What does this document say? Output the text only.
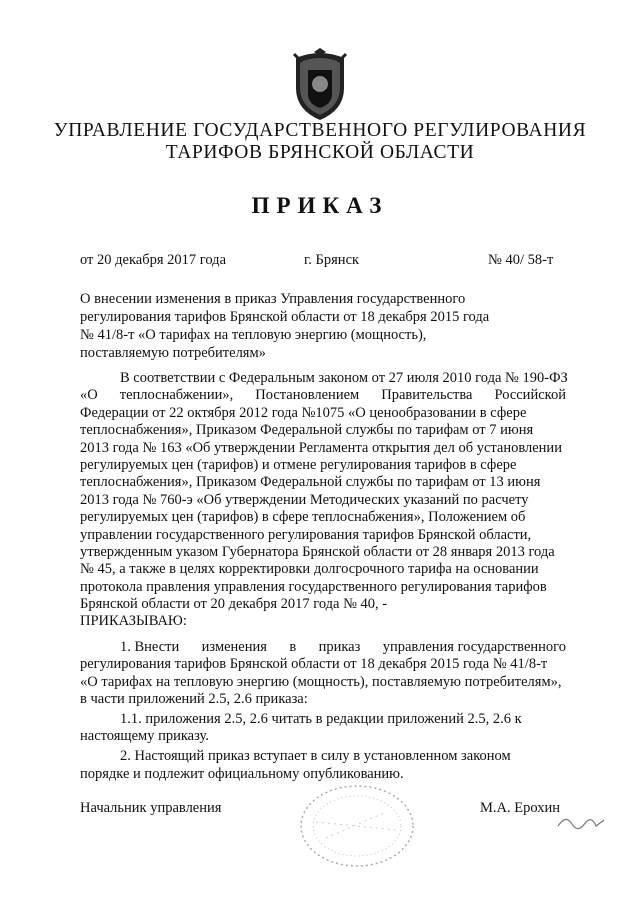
УПРАВЛЕНИЕ ГОСУДАРСТВЕННОГО РЕГУЛИРОВАНИЯ
ТАРИФОВ БРЯНСКОЙ ОБЛАСТИ
ПРИКАЗ
от 20 декабря 2017 года	г. Брянск	№ 40/ 58-т
О внесении изменения в приказ Управления государственного
регулирования тарифов Брянской области от 18 декабря 2015 года
№ 41/8-т «О тарифах на тепловую энергию (мощность),
поставляемую потребителям»
В соответствии с Федеральным законом от 27 июля 2010 года № 190-ФЗ
«О теплоснабжении», Постановлением Правительства Российской
Федерации от 22 октября 2012 года №1075 «О ценообразовании в сфере
теплоснабжения», Приказом Федеральной службы по тарифам от 7 июня
2013 года № 163 «Об утверждении Регламента открытия дел об установлении
регулируемых цен (тарифов) и отмене регулирования тарифов в сфере
теплоснабжения», Приказом Федеральной службы по тарифам от 13 июня
2013 года № 760-э «Об утверждении Методических указаний по расчету
регулируемых цен (тарифов) в сфере теплоснабжения», Положением об
управлении государственного регулирования тарифов Брянской области,
утвержденным указом Губернатора Брянской области от 28 января 2013 года
№ 45, а также в целях корректировки долгосрочного тарифа на основании
протокола правления управления государственного регулирования тарифов
Брянской области от 20 декабря 2017 года № 40, -
ПРИКАЗЫВАЮ:
1. Внести изменения в приказ управления государственного
регулирования тарифов Брянской области от 18 декабря 2015 года № 41/8-т
«О тарифах на тепловую энергию (мощность), поставляемую потребителям»,
в части приложений 2.5, 2.6 приказа:
1.1. приложения 2.5, 2.6 читать в редакции приложений 2.5, 2.6 к
настоящему приказу.
2. Настоящий приказ вступает в силу в установленном законом
порядке и подлежит официальному опубликованию.
Начальник управления	М.А. Ерохин
